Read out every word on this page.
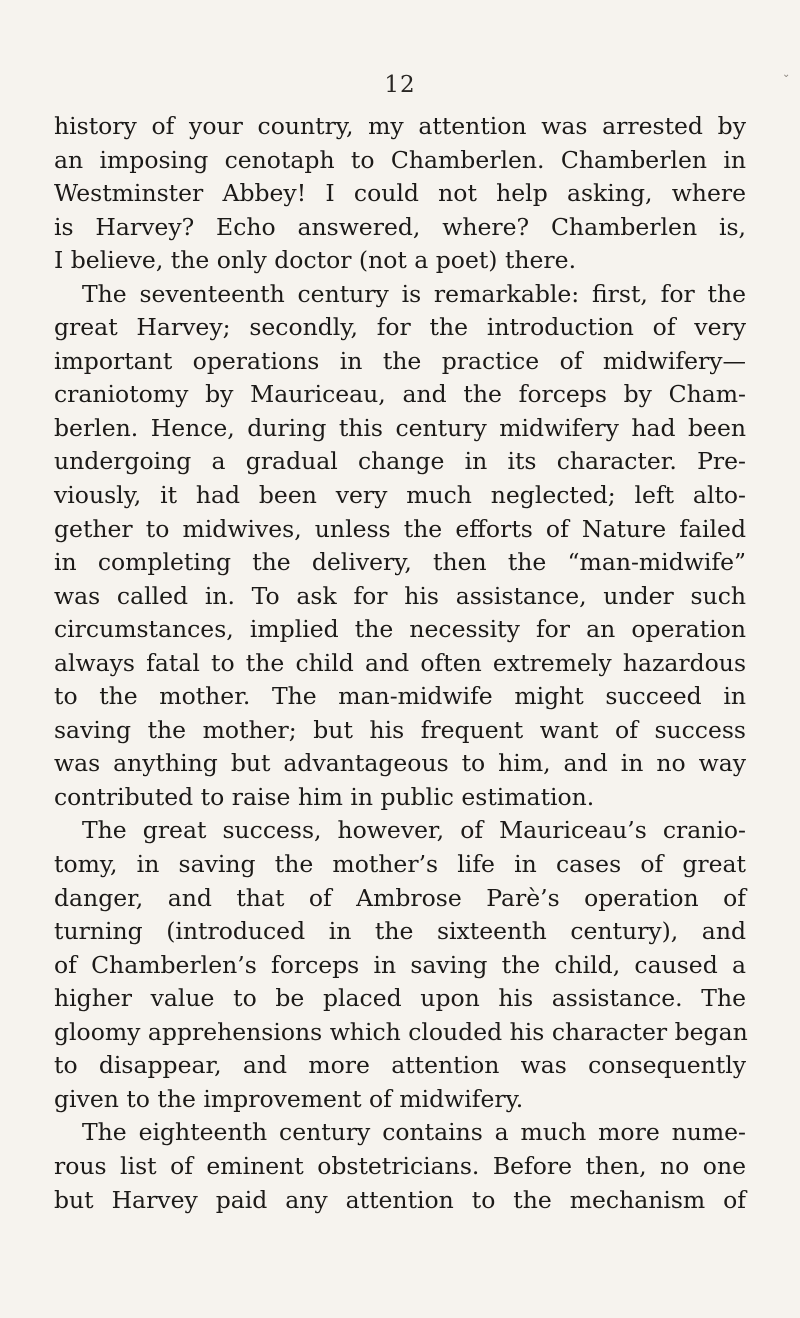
12	⌄
history of your country, my attention was arrested by
an imposing cenotaph to Chamberlen. Chamberlen in
Westminster Abbey! I could not help asking, where
is Harvey? Echo answered, where? Chamberlen is,
I believe, the only doctor (not a poet) there.
The seventeenth century is remarkable: first, for the
great Harvey; secondly, for the introduction of very
important operations in the practice of midwifery—
craniotomy by Mauriceau, and the forceps by Cham-
berlen. Hence, during this century midwifery had been
undergoing a gradual change in its character. Pre-
viously, it had been very much neglected; left alto-
gether to midwives, unless the efforts of Nature failed
in completing the delivery, then the “man-midwife”
was called in. To ask for his assistance, under such
circumstances, implied the necessity for an operation
always fatal to the child and often extremely hazardous
to the mother. The man-midwife might succeed in
saving the mother; but his frequent want of success
was anything but advantageous to him, and in no way
contributed to raise him in public estimation.
The great success, however, of Mauriceau’s cranio-
tomy, in saving the mother’s life in cases of great
danger, and that of Ambrose Parè’s operation of
turning (introduced in the sixteenth century), and
of Chamberlen’s forceps in saving the child, caused a
higher value to be placed upon his assistance. The
gloomy apprehensions which clouded his character began
to disappear, and more attention was consequently
given to the improvement of midwifery.
The eighteenth century contains a much more nume-
rous list of eminent obstetricians. Before then, no one
but Harvey paid any attention to the mechanism of
